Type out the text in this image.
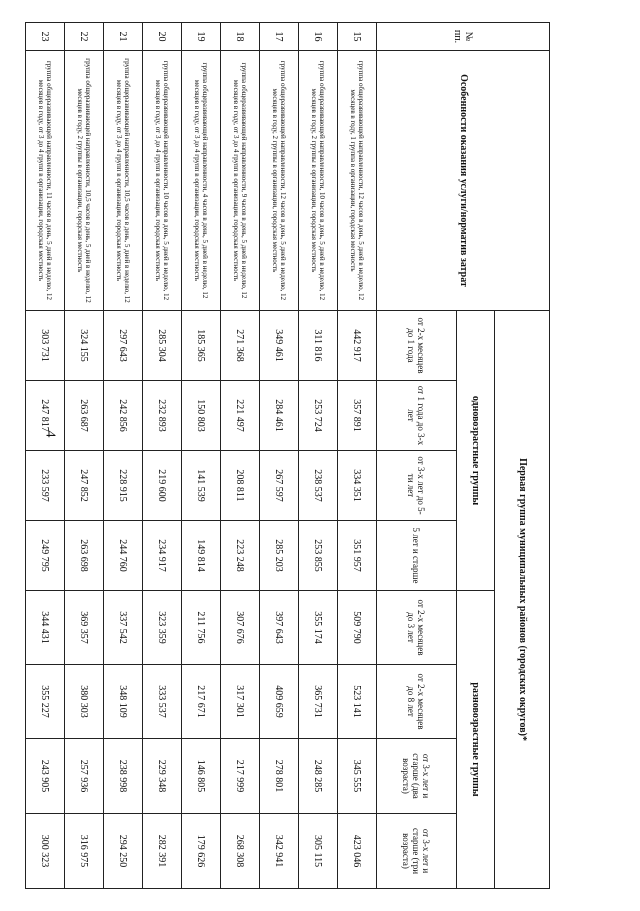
4
№ пп.	Особенности оказания услуги/норматив затрат	Первая группа муниципальных районов (городских округов)*							
		одновозрастные группы				разновозрастные группы			
		от 2-х месяцев до 1 года	от 1 года до 3-х лет	от 3-х лет до 5-ти лет	5 лет и старше	от 2-х месяцев до 3 лет	от 2-х месяцев до 8 лет	от 3-х лет и старше (два возраста)	от 3-х лет и старше (три возраста)
15	группа общеразвивающей направленности, 12 часов в день, 5 дней в неделю, 12 месяцев в году, 1 группа в организации, городская местность	442 917	357 891	334 351	351 957	509 790	523 141	345 555	423 046
16	группа общеразвивающей направленности, 10 часов в день, 5 дней в неделю, 12 месяцев в году, 2 группы в организации, городская местность	311 816	253 724	238 537	253 855	355 174	365 731	248 285	305 115
17	группа общеразвивающей направленности, 12 часов в день, 5 дней в неделю, 12 месяцев в году, 2 группы в организации, городская местность	349 461	284 461	267 597	285 203	397 643	409 659	278 801	342 941
18	группа общеразвивающей направленности, 9 часов в день, 5 дней в неделю, 12 месяцев в году, от 3 до 4 групп в организации, городская местность	271 368	221 497	208 811	223 248	307 676	317 301	217 999	268 308
19	группа общеразвивающей направленности, 4 часов в день, 5 дней в неделю, 12 месяцев в году, от 3 до 4 групп в организации, городская местность	185 365	150 803	141 539	149 814	211 756	217 671	146 805	179 626
20	группа общеразвивающей направленности, 10 часов в день, 5 дней в неделю, 12 месяцев в году, от 3 до 4 групп в организации, городская местность	285 304	232 893	219 600	234 917	323 359	333 537	229 348	282 391
21	группа общеразвивающей направленности, 10,5 часов в день, 5 дней в неделю, 12 месяцев в году, от 3 до 4 групп в организации, городская местность	297 643	242 856	228 915	244 760	337 542	348 109	238 998	294 250
22	группа общеразвивающей направленности, 10,5 часов в день, 5 дней в неделю, 12 месяцев в году, 2 группы в организации, городская местность	324 155	263 687	247 852	263 698	369 357	380 303	257 936	316 975
23	группа общеразвивающей направленности, 11 часов в день, 5 дней в неделю, 12 месяцев в году, от 3 до 4 групп в организации, городская местность	303 731	247 817	233 597	249 795	344 431	355 227	243 905	300 323
